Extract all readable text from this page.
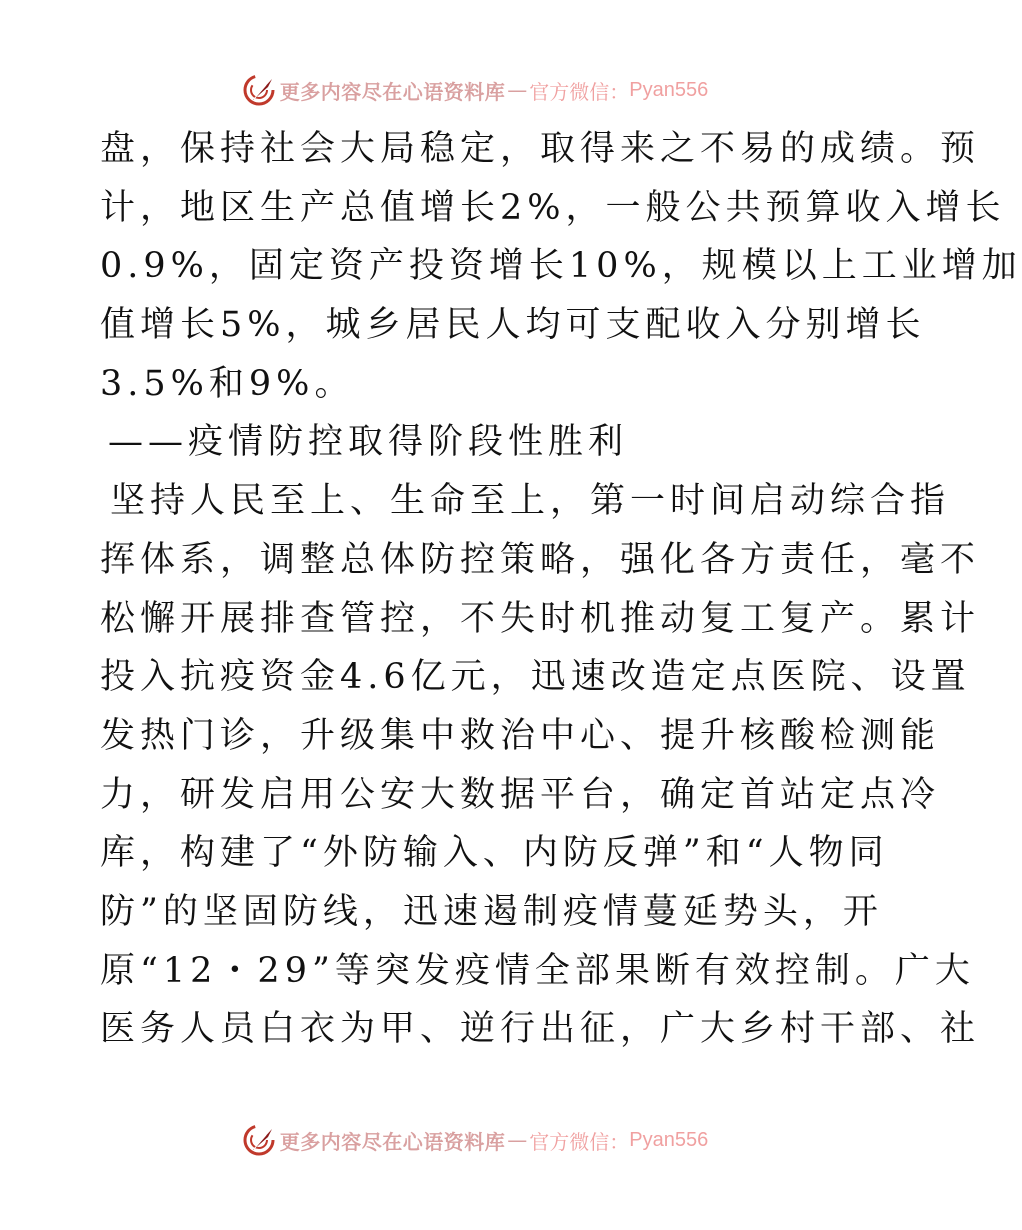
更多内容尽在心语资料库 — 官方微信： Pyan556
盘，保持社会大局稳定，取得来之不易的成绩。预
计，地区生产总值增长2%，一般公共预算收入增长
0.9%，固定资产投资增长10%，规模以上工业增加
值增长5%，城乡居民人均可支配收入分别增长
3.5%和9%。
——疫情防控取得阶段性胜利
坚持人民至上、生命至上，第一时间启动综合指
挥体系，调整总体防控策略，强化各方责任，毫不
松懈开展排查管控，不失时机推动复工复产。累计
投入抗疫资金4.6亿元，迅速改造定点医院、设置
发热门诊，升级集中救治中心、提升核酸检测能
力，研发启用公安大数据平台，确定首站定点冷
库，构建了“外防输入、内防反弹”和“人物同
防”的坚固防线，迅速遏制疫情蔓延势头，开
原“12・29”等突发疫情全部果断有效控制。广大
医务人员白衣为甲、逆行出征，广大乡村干部、社
更多内容尽在心语资料库 — 官方微信： Pyan556
